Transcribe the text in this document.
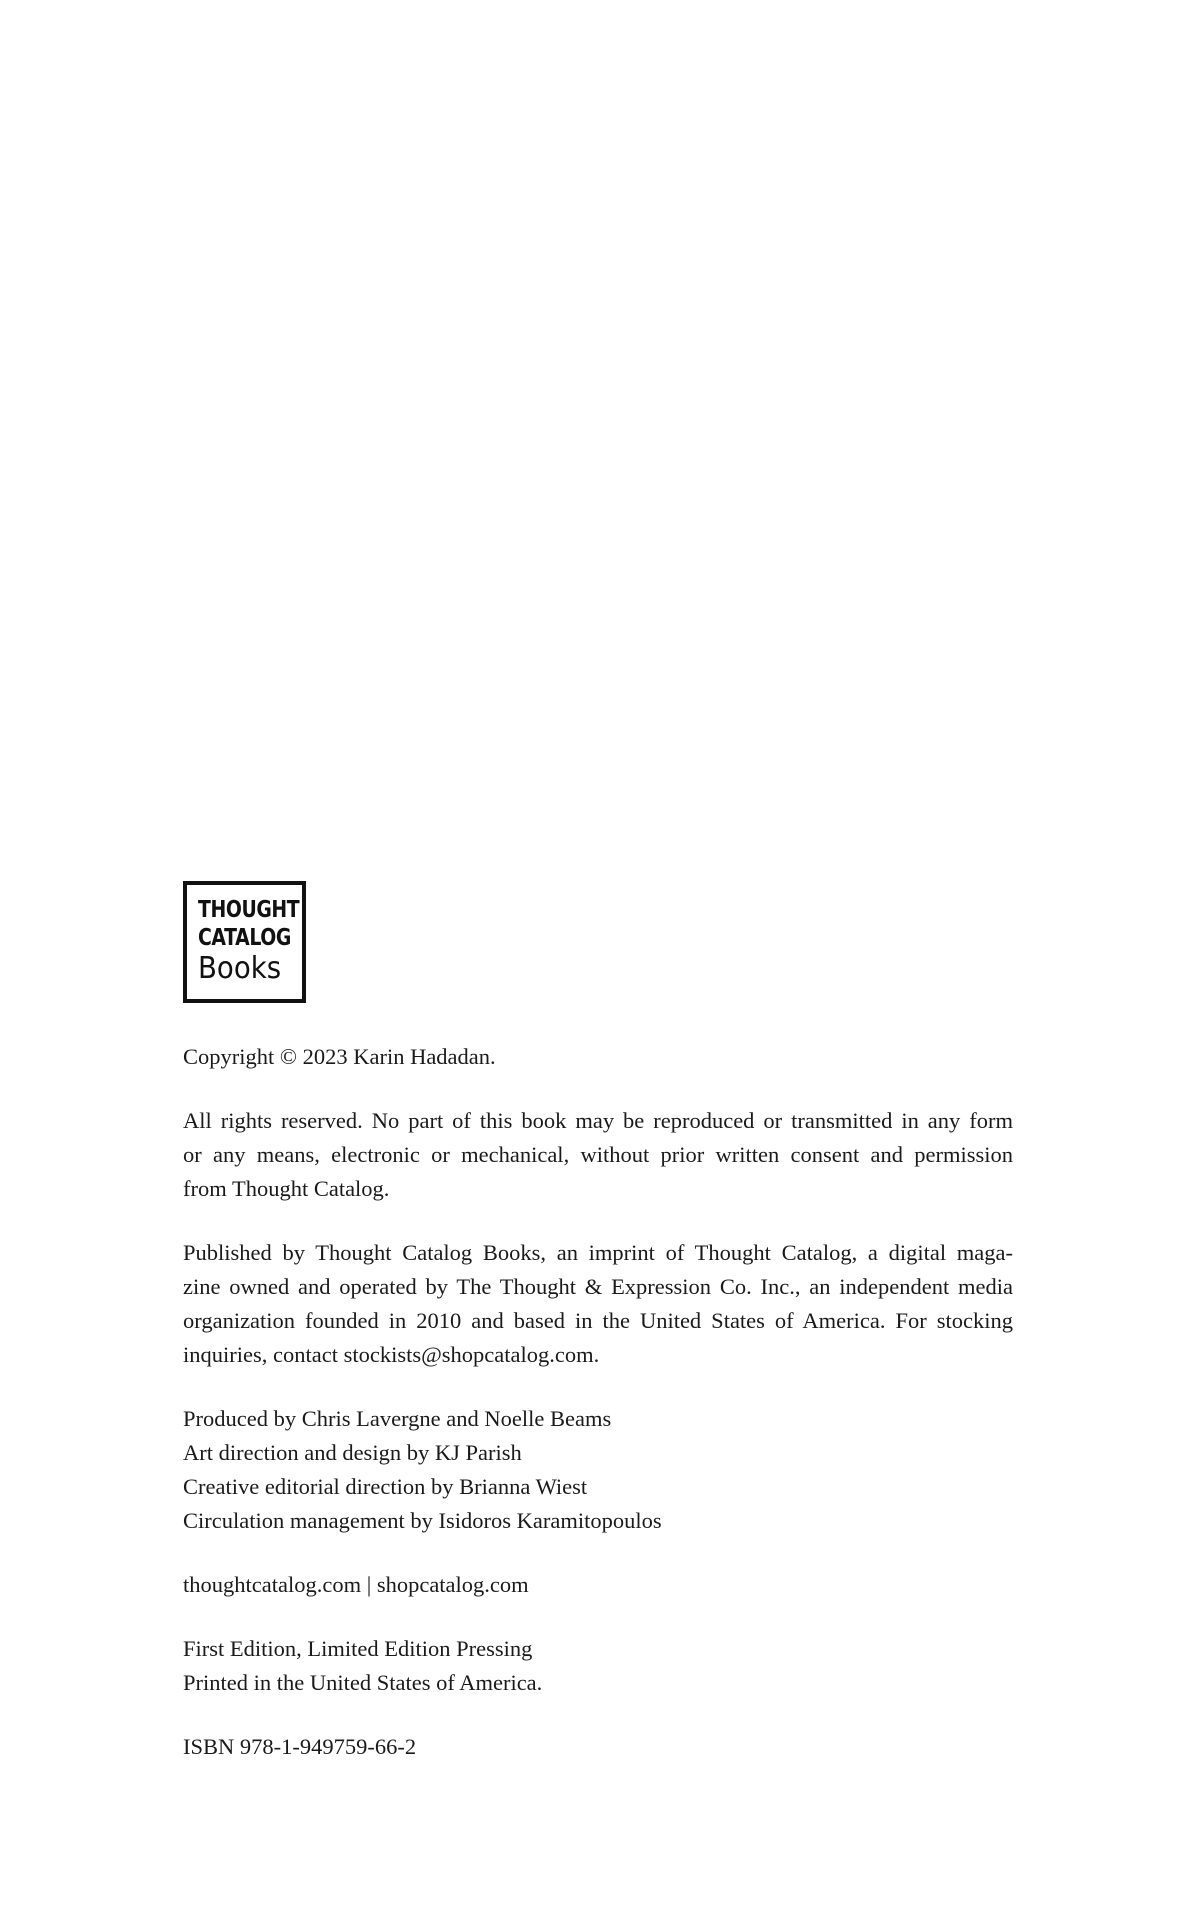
THOUGHT
CATALOG
Books

Copyright © 2023 Karin Hadadan.

All rights reserved. No part of this book may be reproduced or transmitted in any form
or any means, electronic or mechanical, without prior written consent and permission
from Thought Catalog.

Published by Thought Catalog Books, an imprint of Thought Catalog, a digital maga-
zine owned and operated by The Thought & Expression Co. Inc., an independent media
organization founded in 2010 and based in the United States of America. For stocking
inquiries, contact stockists@shopcatalog.com.

Produced by Chris Lavergne and Noelle Beams
Art direction and design by KJ Parish
Creative editorial direction by Brianna Wiest
Circulation management by Isidoros Karamitopoulos

thoughtcatalog.com | shopcatalog.com

First Edition, Limited Edition Pressing
Printed in the United States of America.

ISBN 978-1-949759-66-2
